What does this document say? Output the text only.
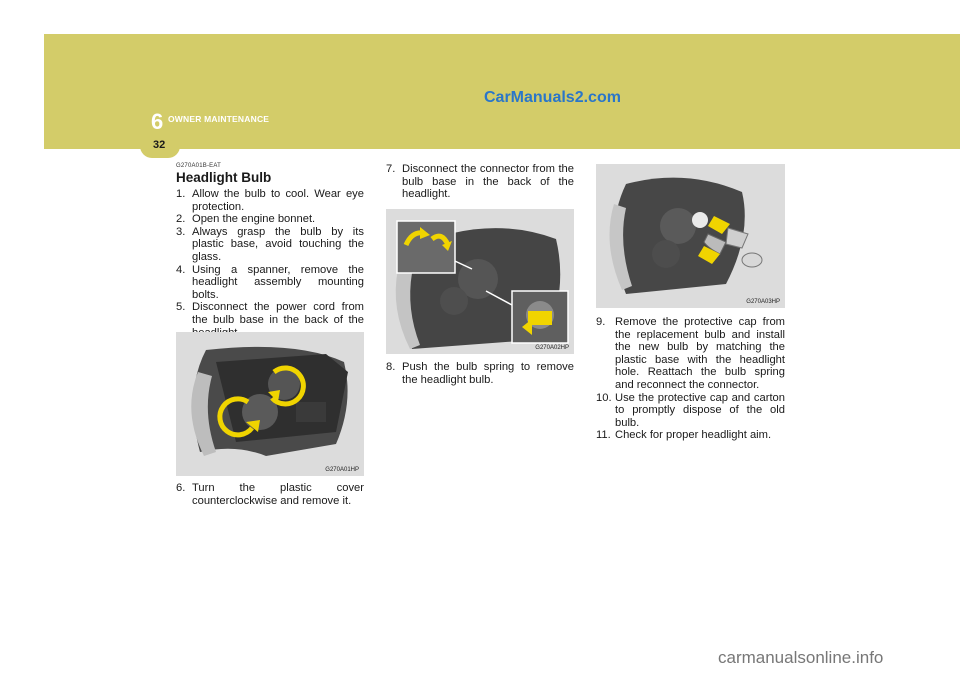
6 OWNER MAINTENANCE
32
CarManuals2.com
G270A01B-EAT
Headlight Bulb
1. Allow the bulb to cool. Wear eye protection.
2. Open the engine bonnet.
3. Always grasp the bulb by its plastic base, avoid touching the glass.
4. Using a spanner, remove the headlight assembly mounting bolts.
5. Disconnect the power cord from the bulb base in the back of the
G270A01HP
6. Turn the plastic cover counterclockwise and remove it.
7. Disconnect the connector from the bulb base in the back of the headlight.
G270A02HP
8. Push the bulb spring to remove the headlight bulb.
G270A03HP
9. Remove the protective cap from the replacement bulb and install the new bulb by matching the plastic base with the headlight hole. Reattach the bulb spring and reconnect the connector.
10. Use the protective cap and carton to promptly dispose of the old bulb.
11. Check for proper headlight aim.
carmanualsonline.info
